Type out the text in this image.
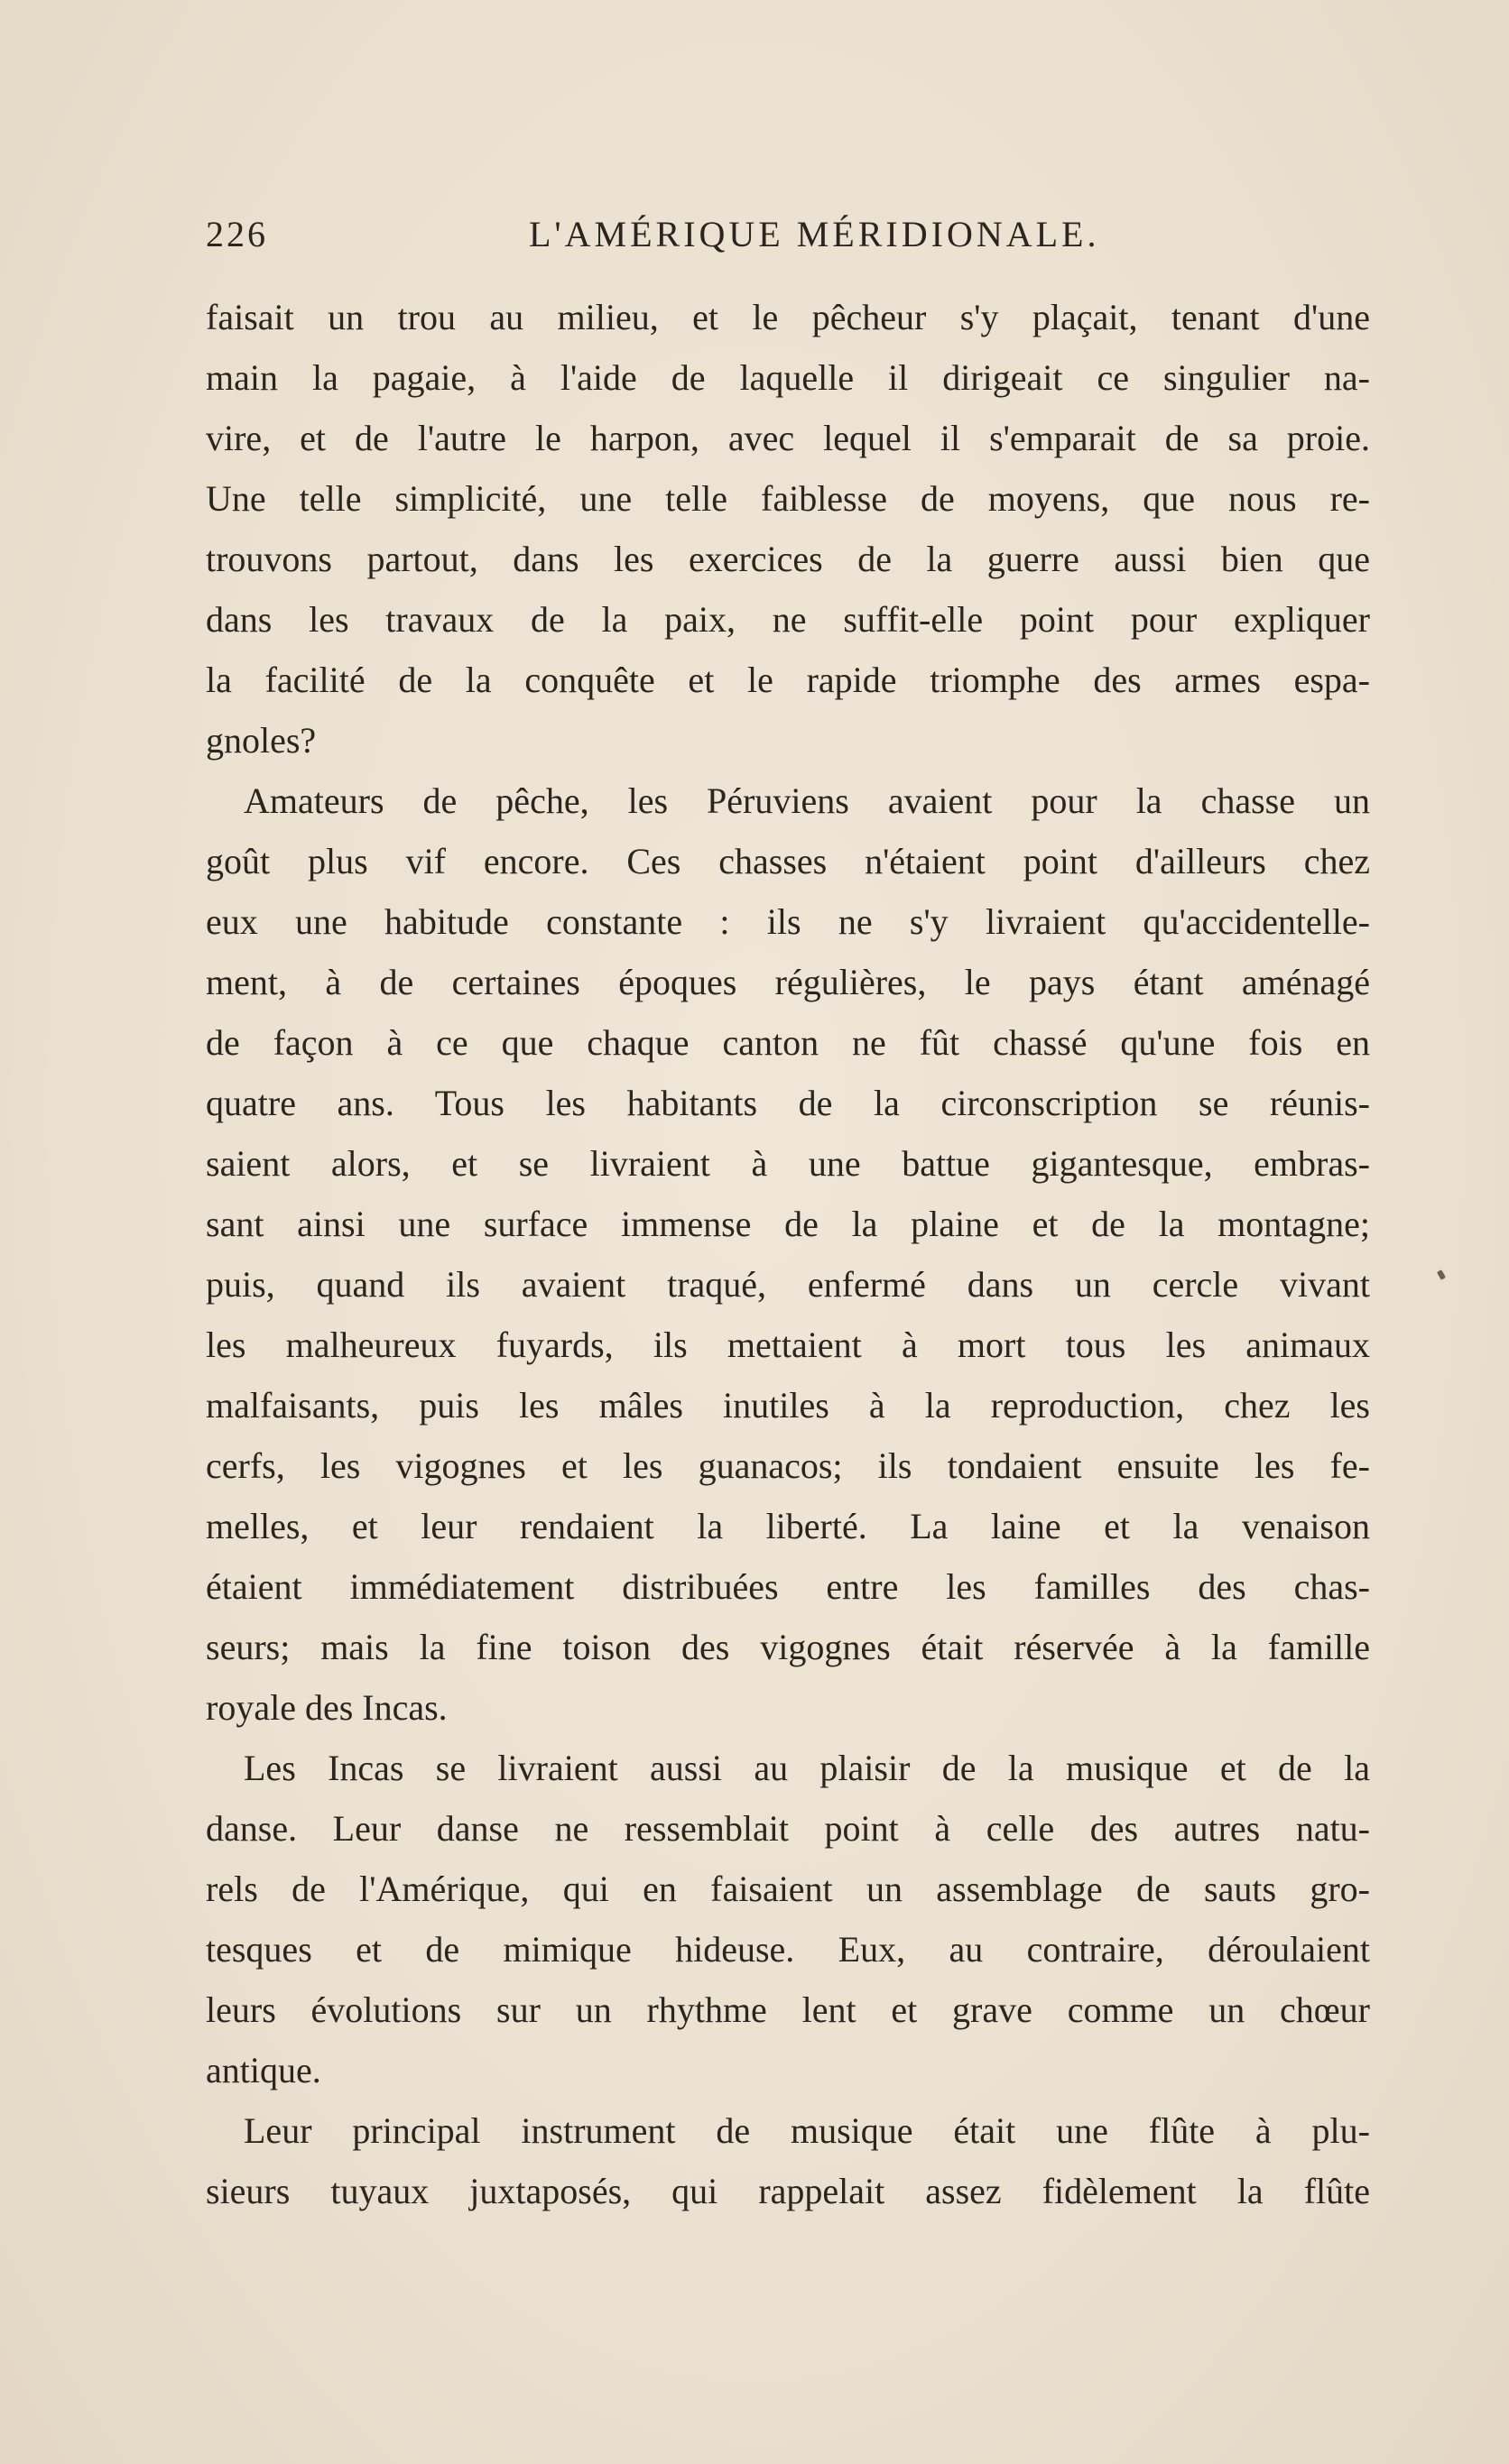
226	L'AMÉRIQUE MÉRIDIONALE.
faisait un trou au milieu, et le pêcheur s'y plaçait, tenant d'une
main la pagaie, à l'aide de laquelle il dirigeait ce singulier na-
vire, et de l'autre le harpon, avec lequel il s'emparait de sa proie.
Une telle simplicité, une telle faiblesse de moyens, que nous re-
trouvons partout, dans les exercices de la guerre aussi bien que
dans les travaux de la paix, ne suffit-elle point pour expliquer
la facilité de la conquête et le rapide triomphe des armes espa-
gnoles?
Amateurs de pêche, les Péruviens avaient pour la chasse un
goût plus vif encore. Ces chasses n'étaient point d'ailleurs chez
eux une habitude constante : ils ne s'y livraient qu'accidentelle-
ment, à de certaines époques régulières, le pays étant aménagé
de façon à ce que chaque canton ne fût chassé qu'une fois en
quatre ans. Tous les habitants de la circonscription se réunis-
saient alors, et se livraient à une battue gigantesque, embras-
sant ainsi une surface immense de la plaine et de la montagne;
puis, quand ils avaient traqué, enfermé dans un cercle vivant
les malheureux fuyards, ils mettaient à mort tous les animaux
malfaisants, puis les mâles inutiles à la reproduction, chez les
cerfs, les vigognes et les guanacos; ils tondaient ensuite les fe-
melles, et leur rendaient la liberté. La laine et la venaison
étaient immédiatement distribuées entre les familles des chas-
seurs; mais la fine toison des vigognes était réservée à la famille
royale des Incas.
Les Incas se livraient aussi au plaisir de la musique et de la
danse. Leur danse ne ressemblait point à celle des autres natu-
rels de l'Amérique, qui en faisaient un assemblage de sauts gro-
tesques et de mimique hideuse. Eux, au contraire, déroulaient
leurs évolutions sur un rhythme lent et grave comme un chœur
antique.
Leur principal instrument de musique était une flûte à plu-
sieurs tuyaux juxtaposés, qui rappelait assez fidèlement la flûte
